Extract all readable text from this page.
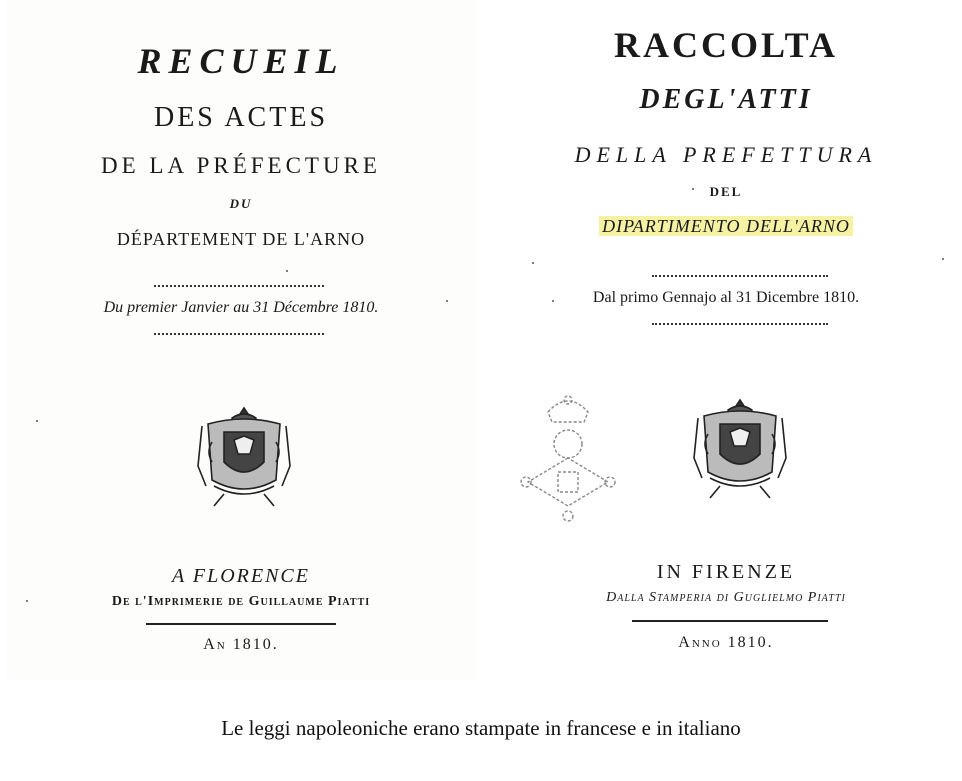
RECUEIL
DES ACTES
DE LA PRÉFECTURE
DU
DÉPARTEMENT DE L'ARNO
Du premier Janvier au 31 Décembre 1810.
A FLORENCE
De l'Imprimerie de Guillaume Piatti
An 1810.
RACCOLTA
DEGL'ATTI
DELLA PREFETTURA
DEL
DIPARTIMENTO DELL'ARNO
Dal primo Gennajo al 31 Dicembre 1810.
IN FIRENZE
Dalla Stamperia di Guglielmo Piatti
Anno 1810.
Le leggi napoleoniche erano stampate in francese e in italiano
